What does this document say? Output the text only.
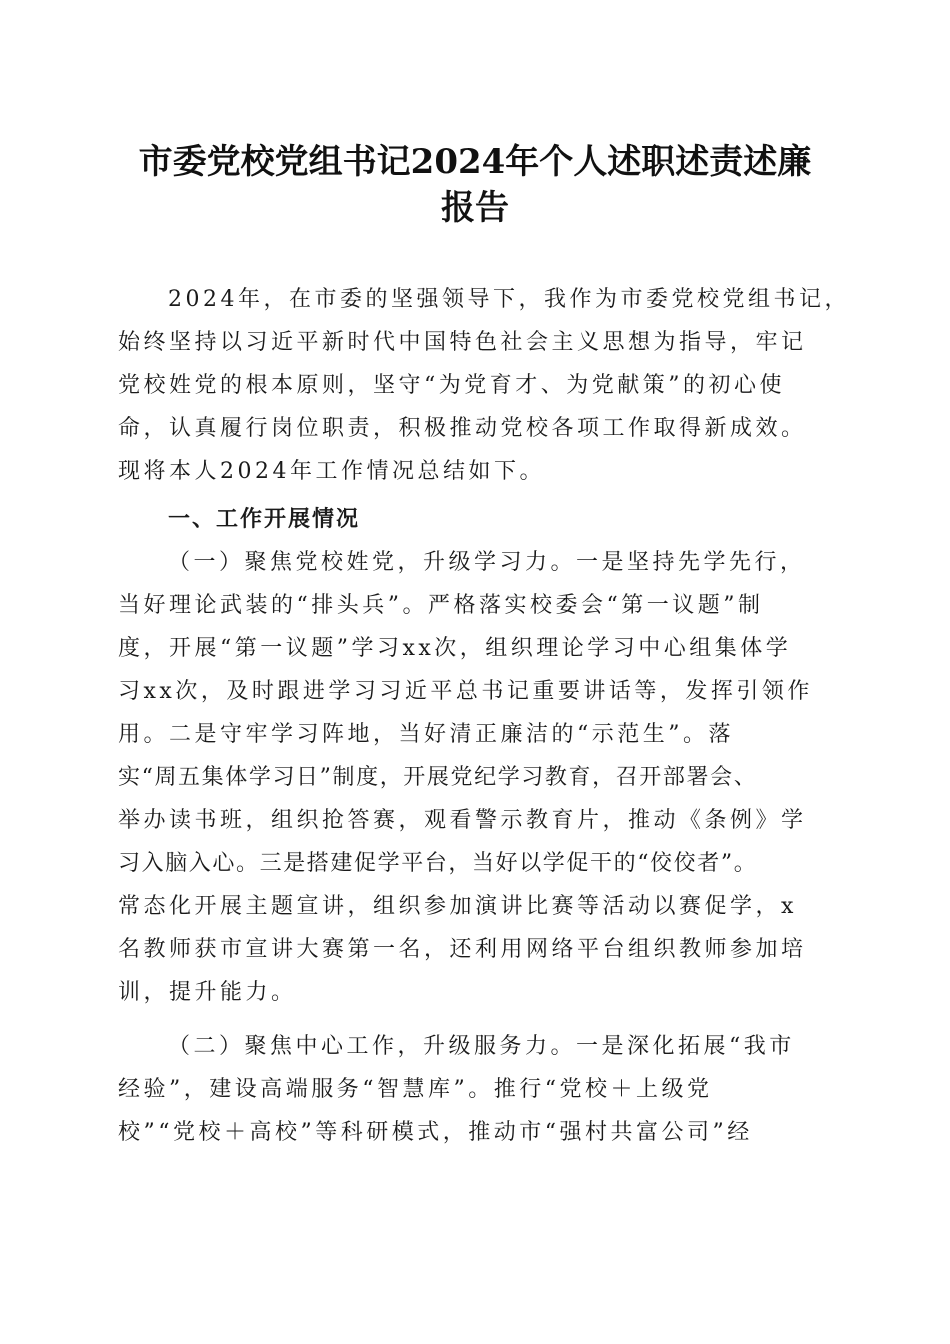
市委党校党组书记2024年个人述职述责述廉
报告
2024年，在市委的坚强领导下，我作为市委党校党组书记，
始终坚持以习近平新时代中国特色社会主义思想为指导，牢记
党校姓党的根本原则，坚守“为党育才、为党献策”的初心使
命，认真履行岗位职责，积极推动党校各项工作取得新成效。
现将本人2024年工作情况总结如下。
一、工作开展情况
（一）聚焦党校姓党，升级学习力。一是坚持先学先行，
当好理论武装的“排头兵”。严格落实校委会“第一议题”制
度，开展“第一议题”学习xx次，组织理论学习中心组集体学
习xx次，及时跟进学习习近平总书记重要讲话等，发挥引领作
用。二是守牢学习阵地，当好清正廉洁的“示范生”。落
实“周五集体学习日”制度，开展党纪学习教育，召开部署会、
举办读书班，组织抢答赛，观看警示教育片，推动《条例》学
习入脑入心。三是搭建促学平台，当好以学促干的“佼佼者”。
常态化开展主题宣讲，组织参加演讲比赛等活动以赛促学，x
名教师获市宣讲大赛第一名，还利用网络平台组织教师参加培
训，提升能力。
（二）聚焦中心工作，升级服务力。一是深化拓展“我市
经验”，建设高端服务“智慧库”。推行“党校＋上级党
校”“党校＋高校”等科研模式，推动市“强村共富公司”经
